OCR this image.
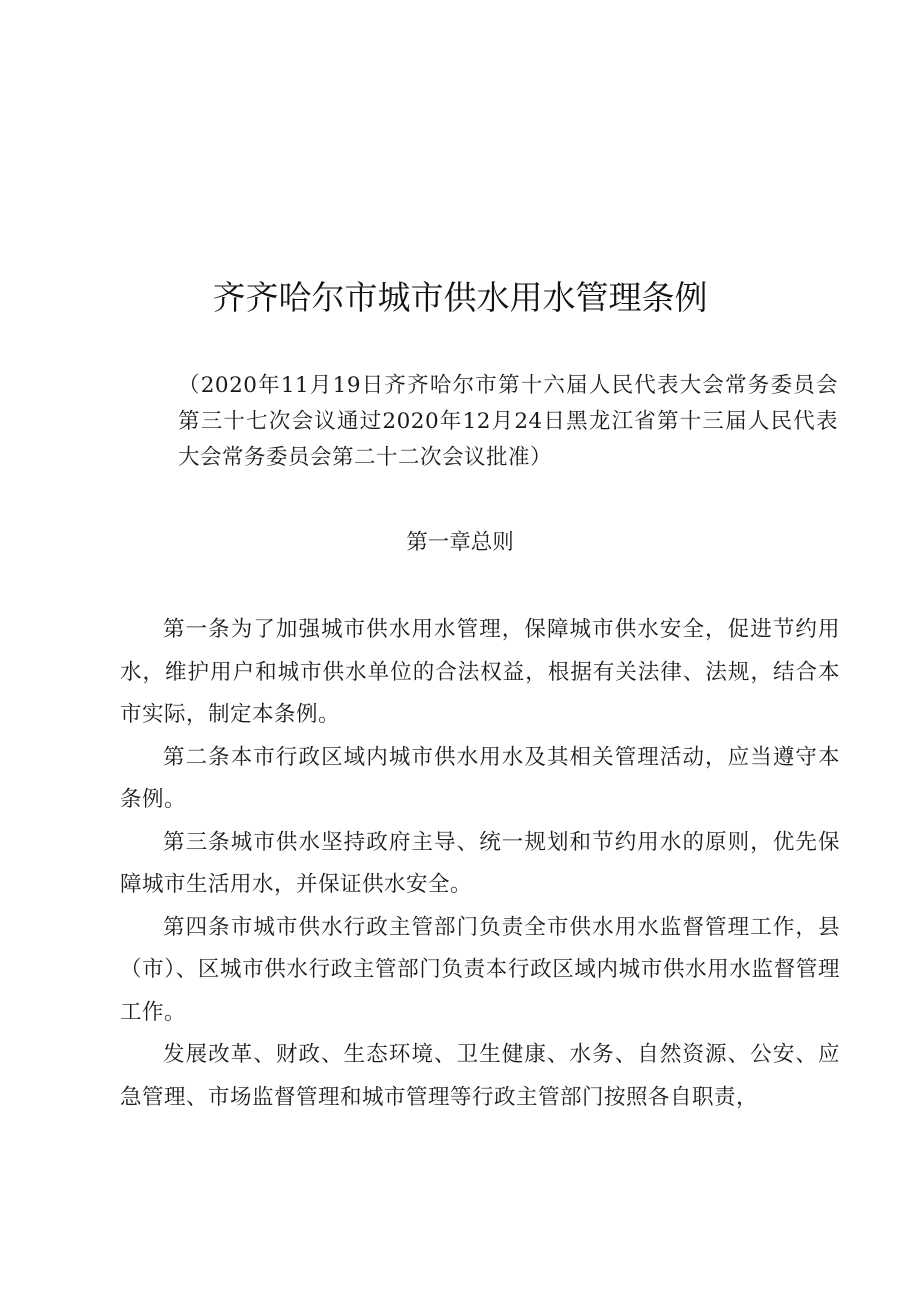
齐齐哈尔市城市供水用水管理条例
（2020年11月19日齐齐哈尔市第十六届人民代表大会常务委员会第三十七次会议通过2020年12月24日黑龙江省第十三届人民代表大会常务委员会第二十二次会议批准）
第一章总则

第一条为了加强城市供水用水管理，保障城市供水安全，促进节约用水，维护用户和城市供水单位的合法权益，根据有关法律、法规，结合本市实际，制定本条例。

第二条本市行政区域内城市供水用水及其相关管理活动，应当遵守本条例。

第三条城市供水坚持政府主导、统一规划和节约用水的原则，优先保障城市生活用水，并保证供水安全。

第四条市城市供水行政主管部门负责全市供水用水监督管理工作，县（市）、区城市供水行政主管部门负责本行政区域内城市供水用水监督管理工作。

发展改革、财政、生态环境、卫生健康、水务、自然资源、公安、应急管理、市场监督管理和城市管理等行政主管部门按照各自职责，
